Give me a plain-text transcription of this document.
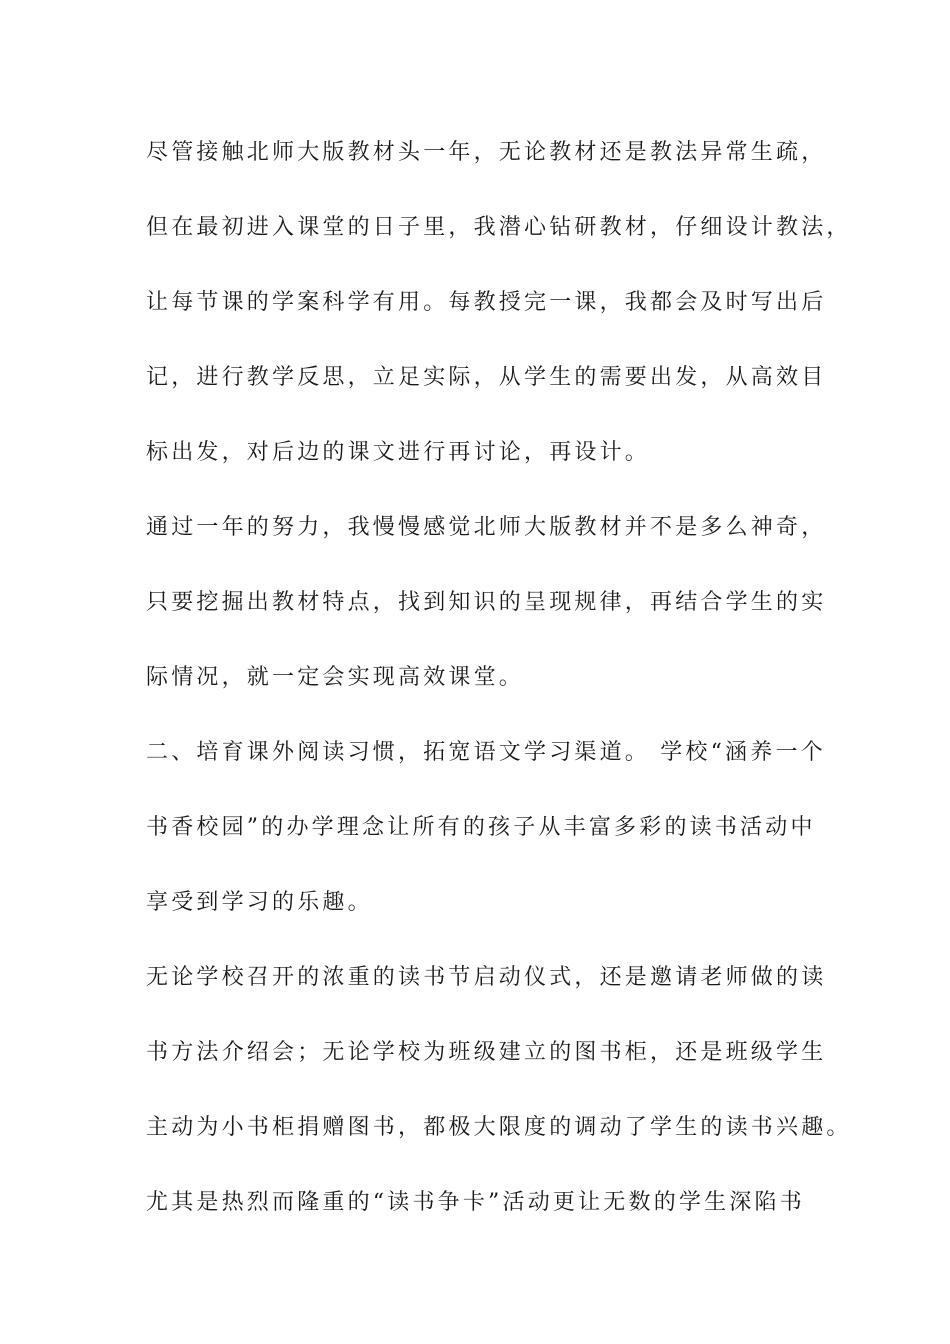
尽管接触北师大版教材头一年，无论教材还是教法异常生疏，
但在最初进入课堂的日子里，我潜心钻研教材，仔细设计教法，
让每节课的学案科学有用。每教授完一课，我都会及时写出后
记，进行教学反思，立足实际，从学生的需要出发，从高效目
标出发，对后边的课文进行再讨论，再设计。
通过一年的努力，我慢慢感觉北师大版教材并不是多么神奇，
只要挖掘出教材特点，找到知识的呈现规律，再结合学生的实
际情况，就一定会实现高效课堂。
二、培育课外阅读习惯，拓宽语文学习渠道。 学校“涵养一个
书香校园”的办学理念让所有的孩子从丰富多彩的读书活动中
享受到学习的乐趣。
无论学校召开的浓重的读书节启动仪式，还是邀请老师做的读
书方法介绍会；无论学校为班级建立的图书柜，还是班级学生
主动为小书柜捐赠图书，都极大限度的调动了学生的读书兴趣。
尤其是热烈而隆重的“读书争卡”活动更让无数的学生深陷书
